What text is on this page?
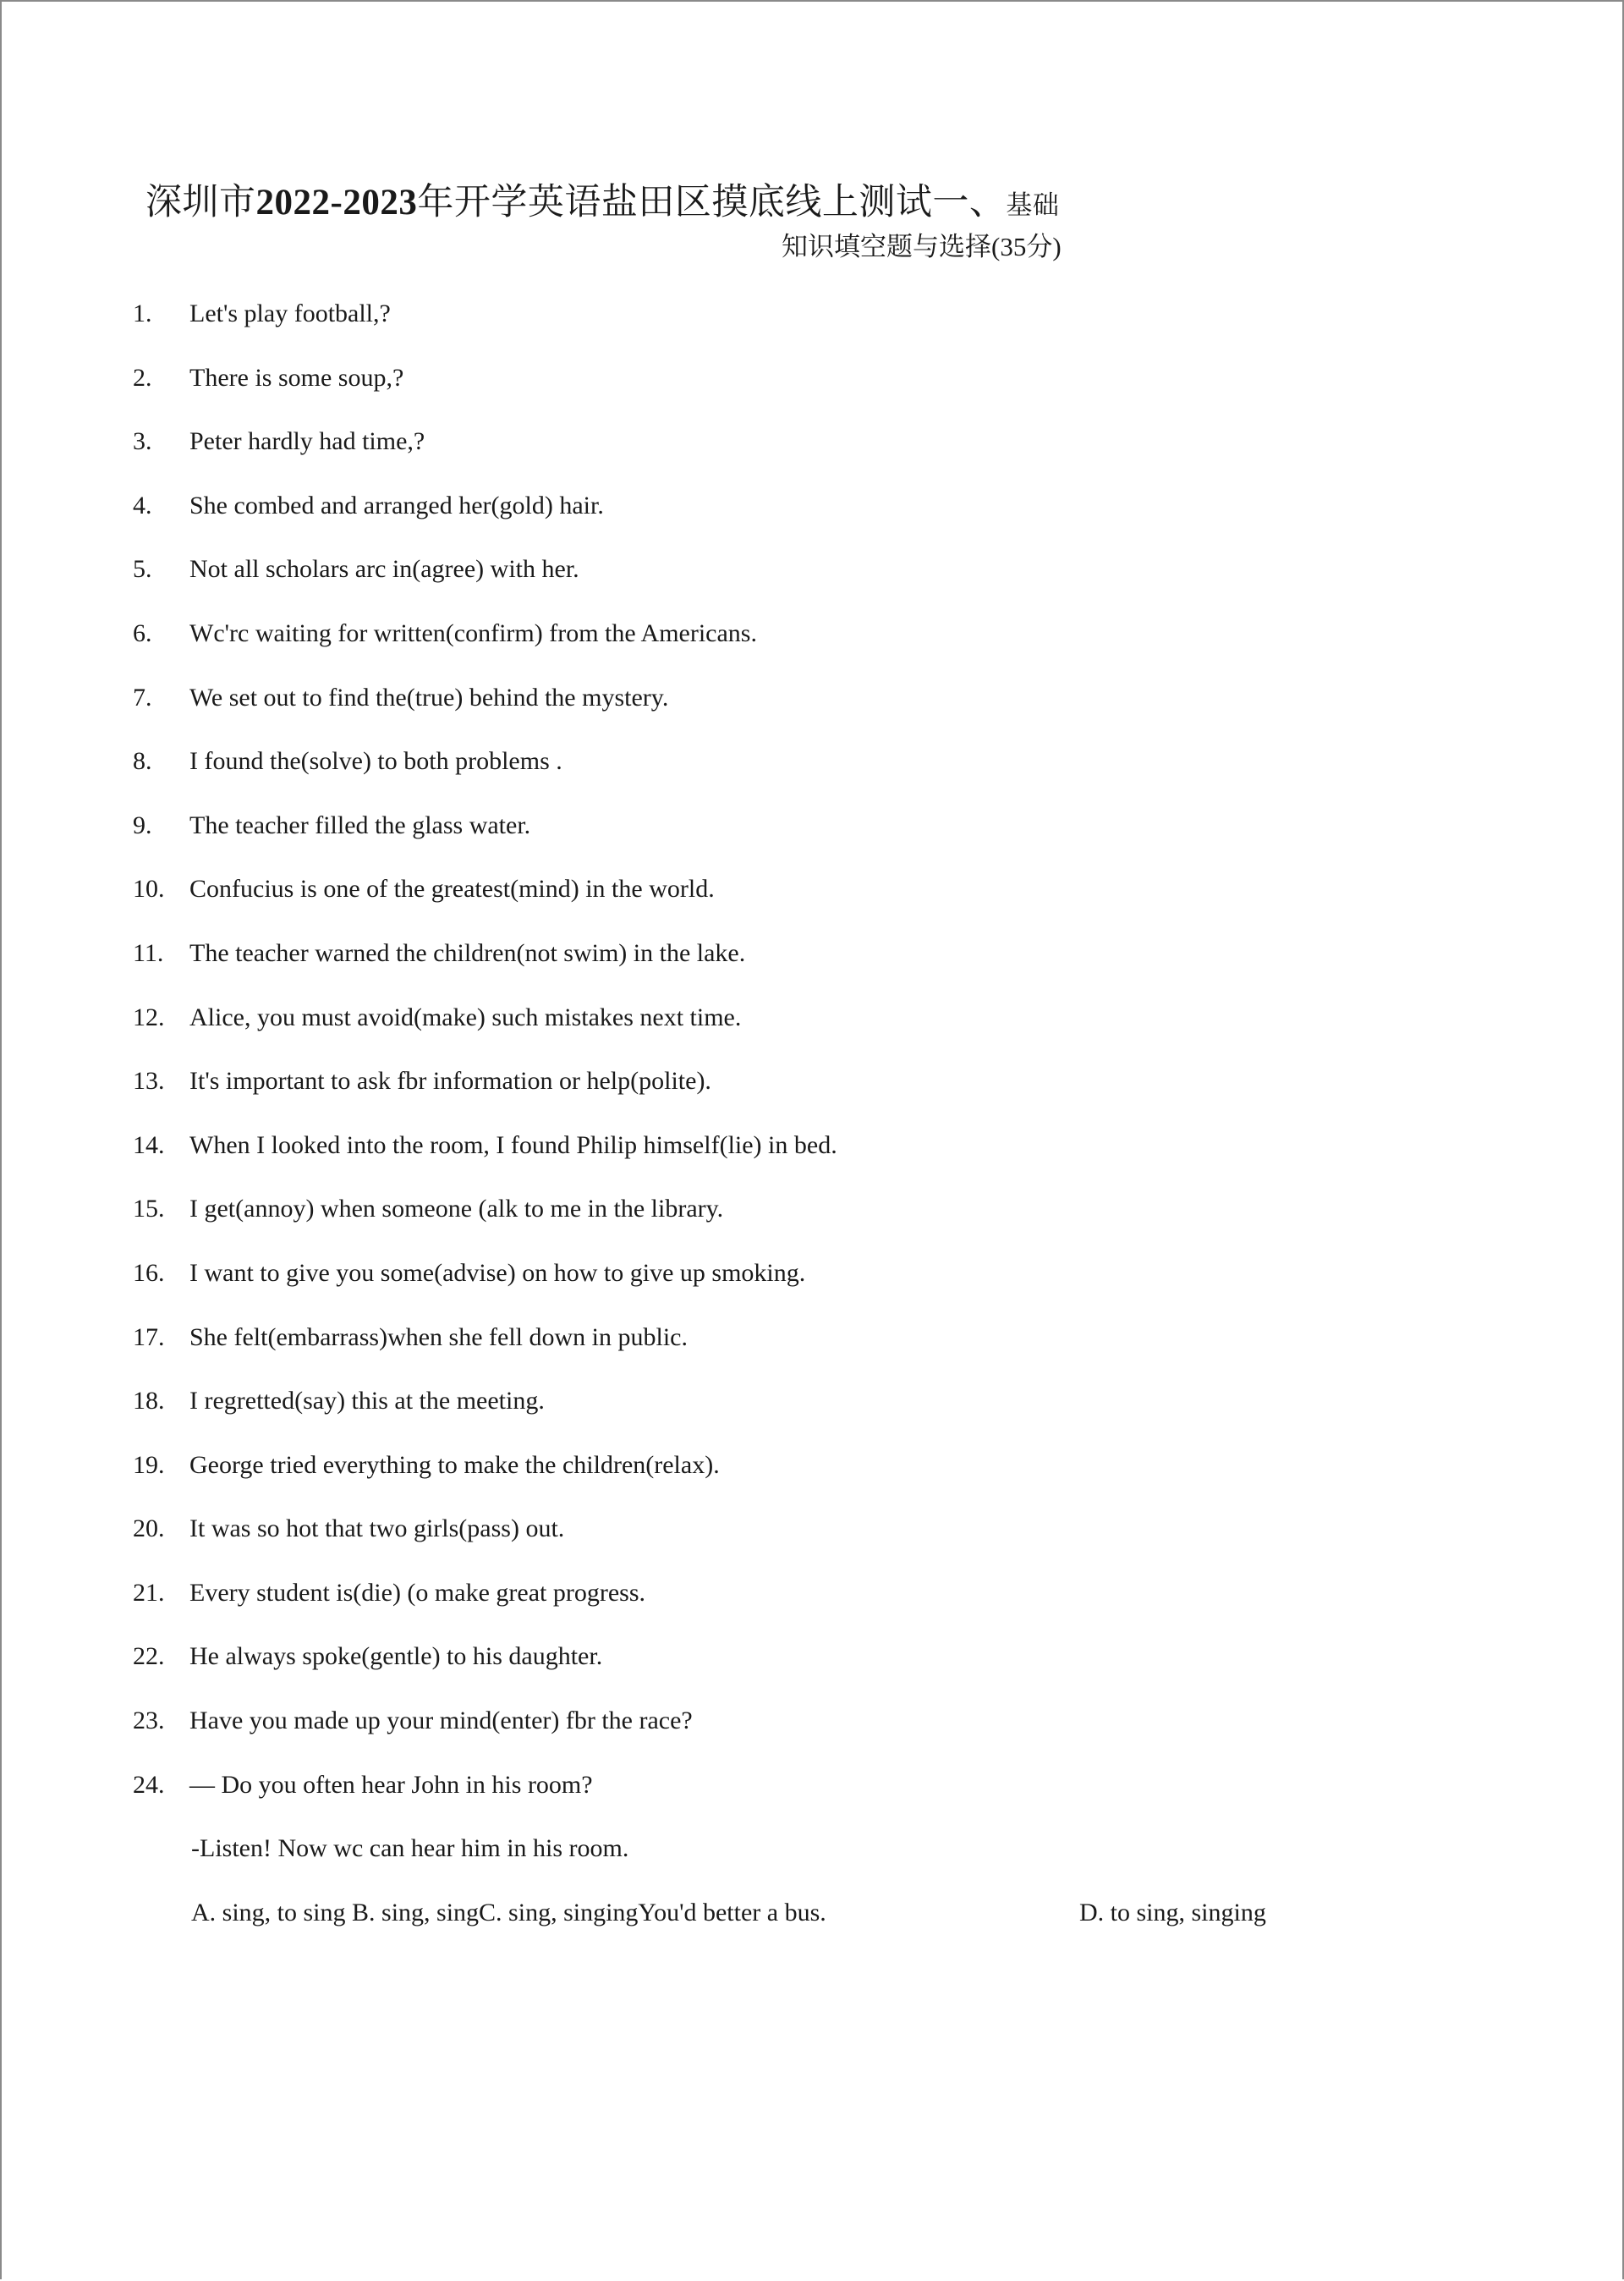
深圳市2022-2023年开学英语盐田区摸底线上测试一、基础
知识填空题与选择(35分)
1. Let's play football,?
2. There is some soup,?
3. Peter hardly had time,?
4. She combed and arranged her(gold) hair.
5. Not all scholars arc in(agree) with her.
6. Wc'rc waiting for written(confirm) from the Americans.
7. We set out to find the(true) behind the mystery.
8. I found the(solve) to both problems .
9. The teacher filled the glass water.
10. Confucius is one of the greatest(mind) in the world.
11. The teacher warned the children(not swim) in the lake.
12. Alice, you must avoid(make) such mistakes next time.
13. It's important to ask fbr information or help(polite).
14. When I looked into the room, I found Philip himself(lie) in bed.
15. I get(annoy) when someone (alk to me in the library.
16. I want to give you some(advise) on how to give up smoking.
17. She felt(embarrass)when she fell down in public.
18. I regretted(say) this at the meeting.
19. George tried everything to make the children(relax).
20. It was so hot that two girls(pass) out.
21. Every student is(die) (o make great progress.
22. He always spoke(gentle) to his daughter.
23. Have you made up your mind(enter) fbr the race?
24. — Do you often hear John in his room?
-Listen! Now wc can hear him in his room.
A. sing, to sing B. sing, singC. sing, singingYou'd better a bus.	D. to sing, singing
